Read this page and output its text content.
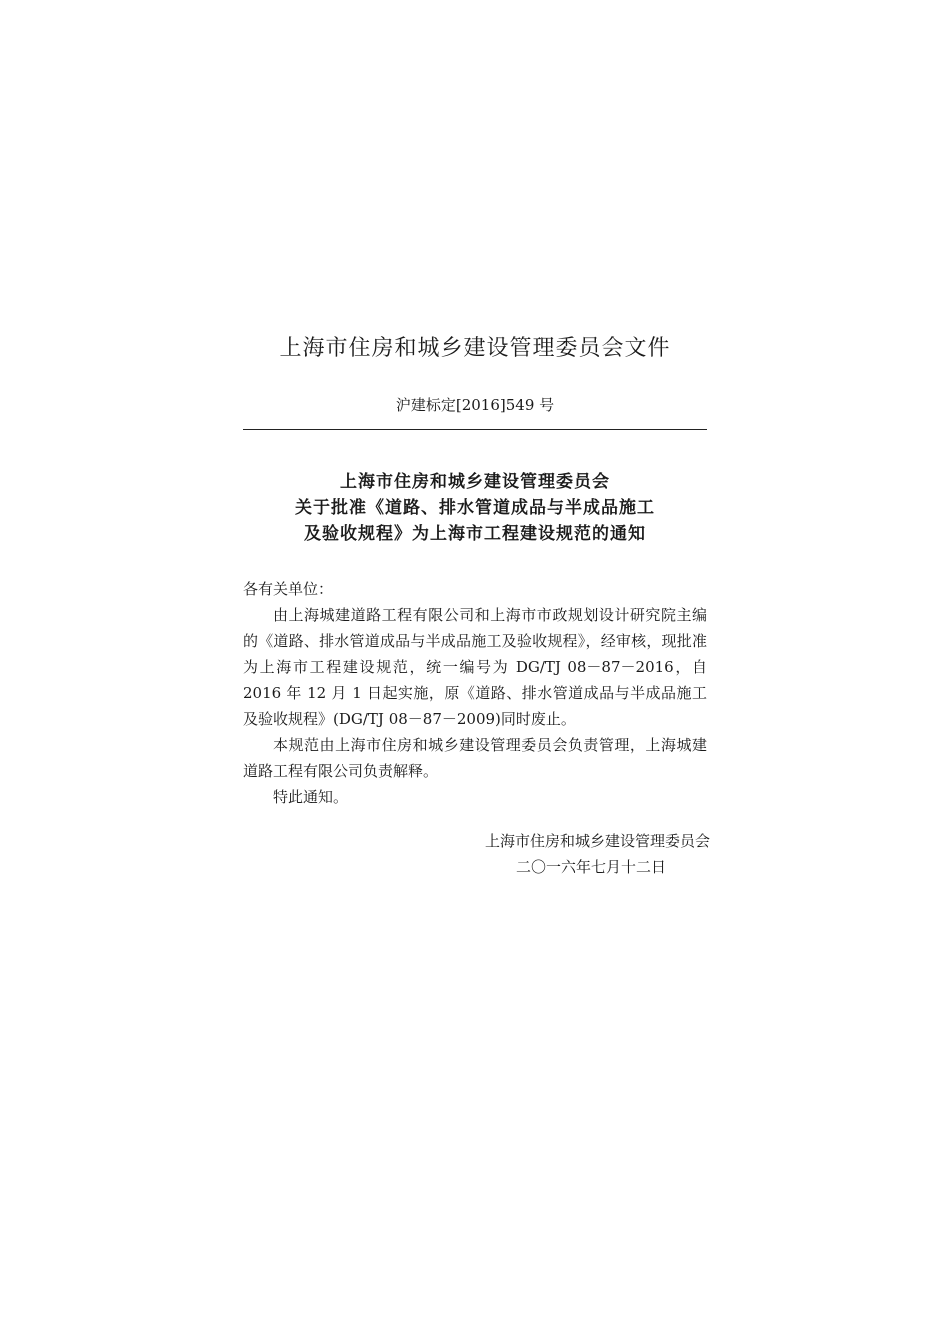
上海市住房和城乡建设管理委员会文件
沪建标定[2016]549 号
上海市住房和城乡建设管理委员会
关于批准《道路、排水管道成品与半成品施工
及验收规程》为上海市工程建设规范的通知

各有关单位：

由上海城建道路工程有限公司和上海市市政规划设计研究院主编的《道路、排水管道成品与半成品施工及验收规程》，经审核，现批准为上海市工程建设规范，统一编号为 DG/TJ 08－87－2016，自 2016 年 12 月 1 日起实施，原《道路、排水管道成品与半成品施工及验收规程》(DG/TJ 08－87－2009)同时废止。

本规范由上海市住房和城乡建设管理委员会负责管理，上海城建道路工程有限公司负责解释。

特此通知。

上海市住房和城乡建设管理委员会
二〇一六年七月十二日
